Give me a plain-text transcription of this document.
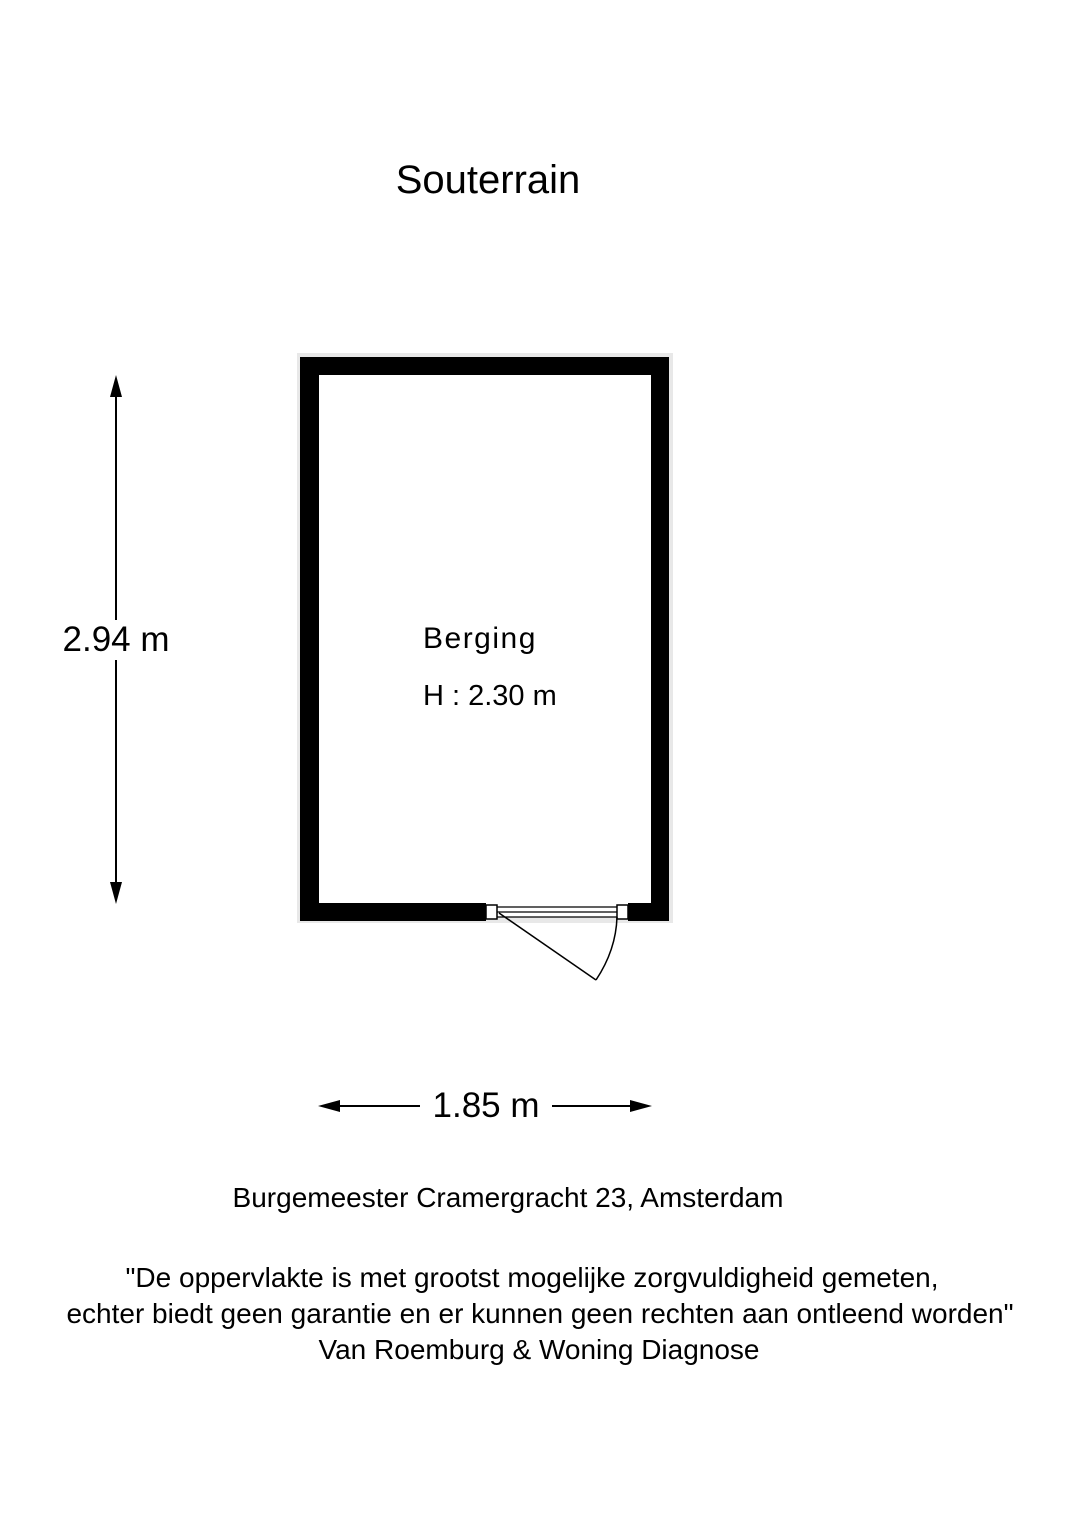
Souterrain
2.94 m
1.85 m
Berging
H : 2.30 m
Burgemeester Cramergracht 23, Amsterdam
"De oppervlakte is met grootst mogelijke zorgvuldigheid gemeten,
echter biedt geen garantie en er kunnen geen rechten aan ontleend worden"
Van Roemburg & Woning Diagnose
